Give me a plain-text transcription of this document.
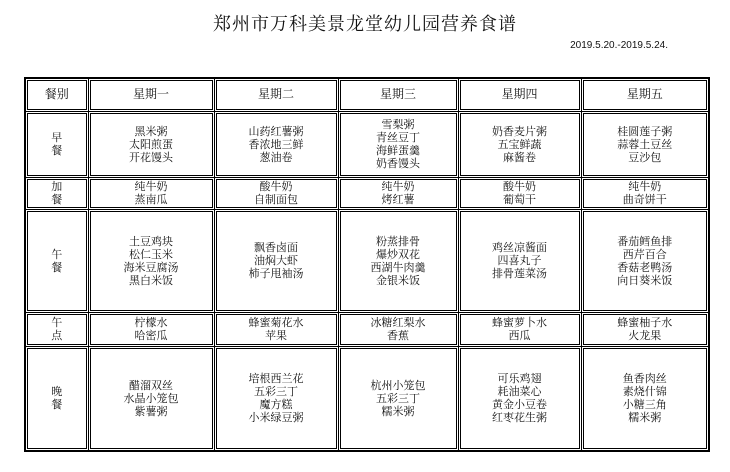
郑州市万科美景龙堂幼儿园营养食谱
2019.5.20.-2019.5.24.
餐别	星期一	星期二	星期三	星期四	星期五

早
餐	黑米粥
太阳煎蛋
开花馒头	山药红薯粥
香浓地三鲜
葱油卷	雪梨粥
青丝豆丁
海鲜蛋羹
奶香馒头	奶香麦片粥
五宝鲜蔬
麻酱卷	桂圆莲子粥
蒜蓉土豆丝
豆沙包

加
餐	纯牛奶
蒸南瓜	酸牛奶
自制面包	纯牛奶
烤红薯	酸牛奶
葡萄干	纯牛奶
曲奇饼干

午
餐	土豆鸡块
松仁玉米
海米豆腐汤
黑白米饭	飘香卤面
油焖大虾
柿子甩袖汤	粉蒸排骨
爆炒双花
西湖牛肉羹
金银米饭	鸡丝凉酱面
四喜丸子
排骨莲菜汤	番茄鳕鱼排
西芹百合
香菇老鸭汤
向日葵米饭

午
点	柠檬水
哈密瓜	蜂蜜菊花水
苹果	冰糖红梨水
香蕉	蜂蜜萝卜水
西瓜	蜂蜜柚子水
火龙果

晚
餐	醋溜双丝
水晶小笼包
紫薯粥	培根西兰花
五彩三丁
魔方糕
小米绿豆粥	杭州小笼包
五彩三丁
糯米粥	可乐鸡翅
耗油菜心
黄金小豆卷
红枣花生粥	鱼香肉丝
素烧什锦
小糖三角
糯米粥
